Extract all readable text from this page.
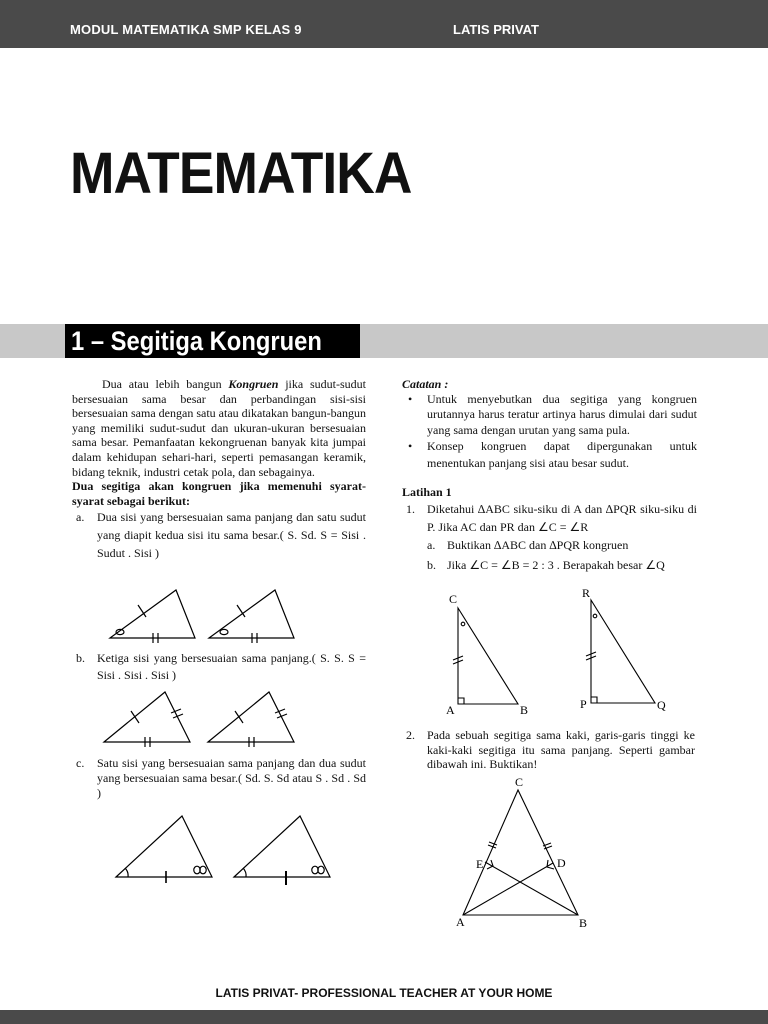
MODUL MATEMATIKA SMP KELAS 9	LATIS PRIVAT
MATEMATIKA
1 – Segitiga Kongruen
Dua atau lebih bangun Kongruen jika sudut-sudut bersesuaian sama besar dan perbandingan sisi-sisi bersesuaian sama dengan satu atau dikatakan bangun-bangun yang memiliki sudut-sudut dan ukuran-ukuran bersesuaian sama besar. Pemanfaatan kekongruenan banyak kita jumpai dalam kehidupan sehari-hari, seperti pemasangan keramik, bidang teknik, industri cetak pola, dan sebagainya.
Dua segitiga akan kongruen jika memenuhi syarat-syarat sebagai berikut:
a. Dua sisi yang bersesuaian sama panjang dan satu sudut yang diapit kedua sisi itu sama besar.( S. Sd. S = Sisi . Sudut . Sisi )
b. Ketiga sisi yang bersesuaian sama panjang.( S. S. S = Sisi . Sisi . Sisi )
c. Satu sisi yang bersesuaian sama panjang dan dua sudut yang bersesuaian sama besar.( Sd. S. Sd atau S . Sd . Sd )
Catatan :
• Untuk menyebutkan dua segitiga yang kongruen urutannya harus teratur artinya harus dimulai dari sudut yang sama dengan urutan yang sama pula.
• Konsep kongruen dapat dipergunakan untuk menentukan panjang sisi atau besar sudut.
Latihan 1
1. Diketahui ∆ABC siku-siku di A dan ∆PQR siku-siku di P. Jika AC dan PR dan ∠C = ∠R
a. Buktikan ∆ABC dan ∆PQR kongruen
b. Jika ∠C = ∠B = 2 : 3 . Berapakah besar ∠Q
2. Pada sebuah segitiga sama kaki, garis-garis tinggi ke kaki-kaki segitiga itu sama panjang. Seperti gambar dibawah ini. Buktikan!
C
A	B
R
P	Q
C
E	D
A	B
LATIS PRIVAT- PROFESSIONAL TEACHER AT YOUR HOME
